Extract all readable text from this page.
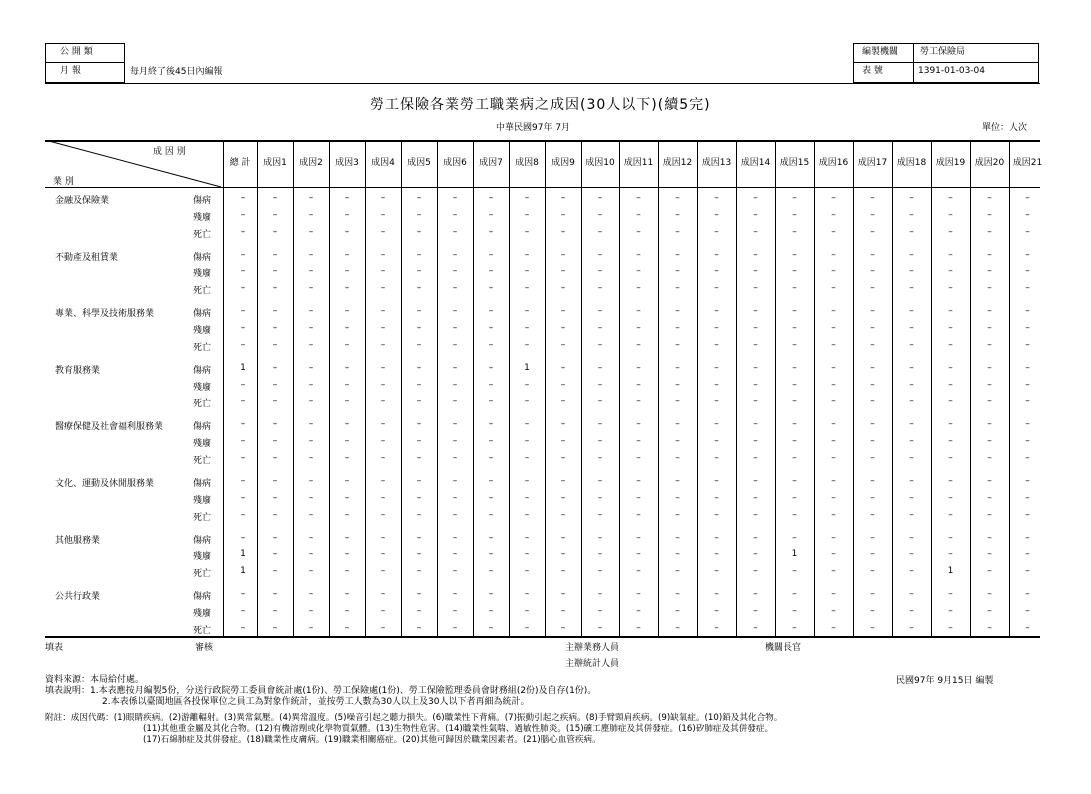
公 開 類
月 報	每月終了後45日內編報
編製機關 勞工保險局
表 號	1391-01-03-04
勞工保險各業勞工職業病之成因(30人以下)(續5完)
中華民國97年 7月	單位：人次
成 因 別
業 別
總 計	成因1	成因2	成因3	成因4	成因5	成因6	成因7	成因8	成因9	成因10	成因11	成因12	成因13	成因14	成因15	成因16	成因17	成因18	成因19	成因20 成因21
金融及保險業	傷病	–	–	–	–	–	–	–	–	–	–	–	–	–	–	–	–	–	–	–	–	–	–
殘廢	–	–	–	–	–	–	–	–	–	–	–	–	–	–	–	–	–	–	–	–	–	–
死亡	–	–	–	–	–	–	–	–	–	–	–	–	–	–	–	–	–	–	–	–	–	–
不動產及租賃業	傷病	–	–	–	–	–	–	–	–	–	–	–	–	–	–	–	–	–	–	–	–	–	–
殘廢	–	–	–	–	–	–	–	–	–	–	–	–	–	–	–	–	–	–	–	–	–	–
死亡	–	–	–	–	–	–	–	–	–	–	–	–	–	–	–	–	–	–	–	–	–	–
專業、科學及技術服務業	傷病	–	–	–	–	–	–	–	–	–	–	–	–	–	–	–	–	–	–	–	–	–	–
殘廢	–	–	–	–	–	–	–	–	–	–	–	–	–	–	–	–	–	–	–	–	–	–
死亡	–	–	–	–	–	–	–	–	–	–	–	–	–	–	–	–	–	–	–	–	–	–
教育服務業	傷病	1	–	–	–	–	–	–	–	1	–	–	–	–	–	–	–	–	–	–	–	–	–
殘廢	–	–	–	–	–	–	–	–	–	–	–	–	–	–	–	–	–	–	–	–	–	–
死亡	–	–	–	–	–	–	–	–	–	–	–	–	–	–	–	–	–	–	–	–	–	–
醫療保健及社會福利服務業	傷病	–	–	–	–	–	–	–	–	–	–	–	–	–	–	–	–	–	–	–	–	–	–
殘廢	–	–	–	–	–	–	–	–	–	–	–	–	–	–	–	–	–	–	–	–	–	–
死亡	–	–	–	–	–	–	–	–	–	–	–	–	–	–	–	–	–	–	–	–	–	–
文化、運動及休閒服務業	傷病	–	–	–	–	–	–	–	–	–	–	–	–	–	–	–	–	–	–	–	–	–	–
殘廢	–	–	–	–	–	–	–	–	–	–	–	–	–	–	–	–	–	–	–	–	–	–
死亡	–	–	–	–	–	–	–	–	–	–	–	–	–	–	–	–	–	–	–	–	–	–
其他服務業	傷病	–	–	–	–	–	–	–	–	–	–	–	–	–	–	–	–	–	–	–	–	–	–
殘廢	1	–	–	–	–	–	–	–	–	–	–	–	–	–	–	1	–	–	–	–	–	–
死亡	1	–	–	–	–	–	–	–	–	–	–	–	–	–	–	–	–	–	–	1	–	–
公共行政業	傷病	–	–	–	–	–	–	–	–	–	–	–	–	–	–	–	–	–	–	–	–	–	–
殘廢	–	–	–	–	–	–	–	–	–	–	–	–	–	–	–	–	–	–	–	–	–	–
死亡	–	–	–	–	–	–	–	–	–	–	–	–	–	–	–	–	–	–	–	–	–	–
填表	審核	主辦業務人員	機關長官
主辦統計人員
民國97年 9月15日 編製
資料來源：本局給付處。
填表說明：1.本表應按月編製5份，分送行政院勞工委員會統計處(1份)、勞工保險處(1份)、勞工保險監理委員會財務組(2份)及自存(1份)。
2.本表係以臺閩地區各投保單位之員工為對象作統計，並按勞工人數為30人以上及30人以下者再細為統計。
附註：成因代碼：(1)眼睛疾病。(2)游離輻射。(3)異常氣壓。(4)異常溫度。(5)噪音引起之聽力損失。(6)職業性下背痛。(7)振動引起之疾病。(8)手臂頸肩疾病。(9)缺氧症。(10)鉛及其化合物。
(11)其他重金屬及其化合物。(12)有機溶劑或化學物質氣體。(13)生物性危害。(14)職業性氣喘、過敏性肺炎。(15)礦工塵肺症及其併發症。(16)矽肺症及其併發症。
(17)石綿肺症及其併發症。(18)職業性皮膚病。(19)職業相關癌症。(20)其他可歸因於職業因素者。(21)腦心血管疾病。
